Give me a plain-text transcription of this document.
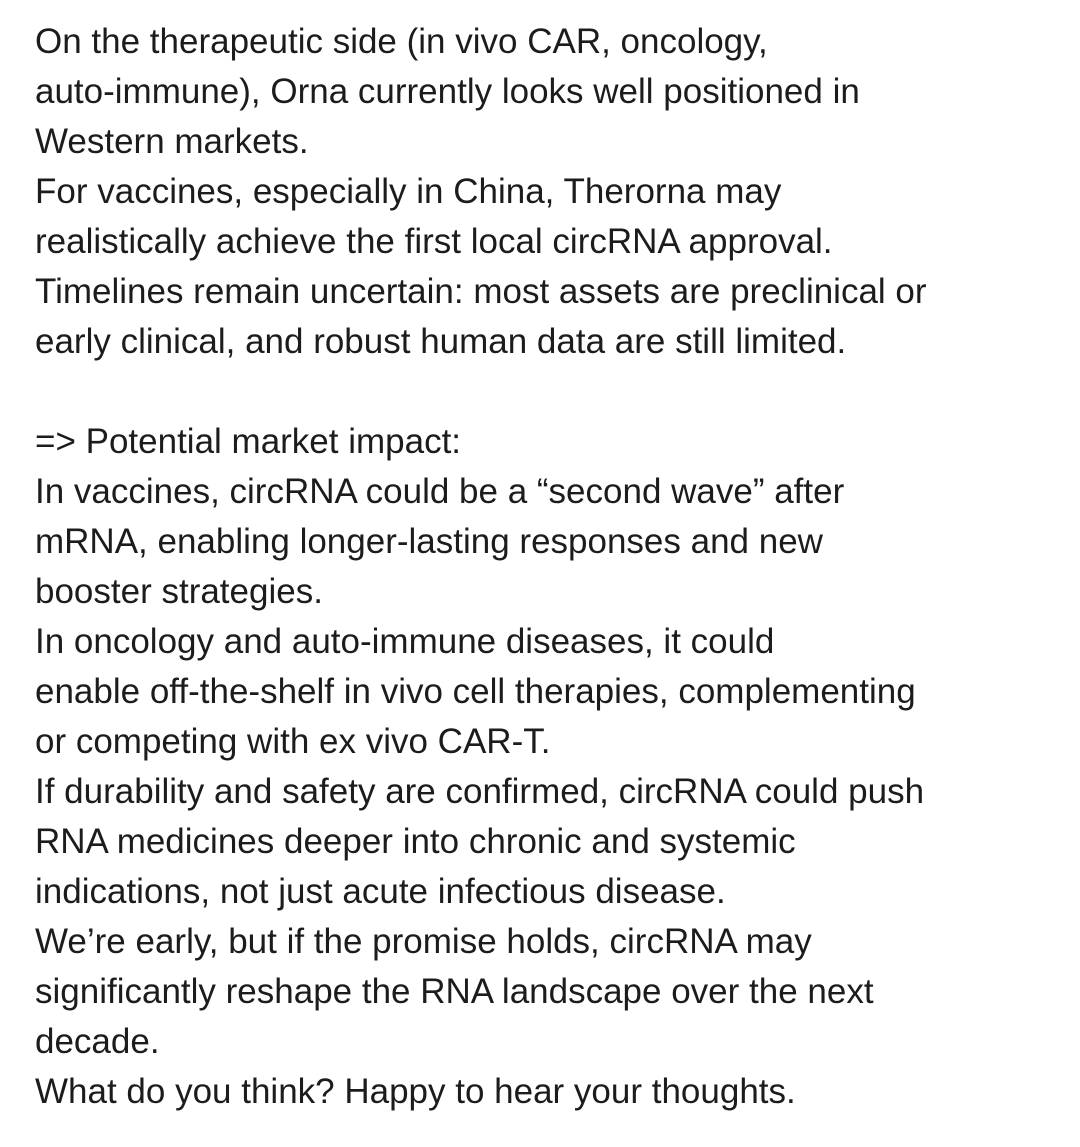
On the therapeutic side (in vivo CAR, oncology,
auto-immune), Orna currently looks well positioned in
Western markets.
For vaccines, especially in China, Therorna may
realistically achieve the first local circRNA approval.
Timelines remain uncertain: most assets are preclinical or
early clinical, and robust human data are still limited.
=> Potential market impact:
In vaccines, circRNA could be a “second wave” after
mRNA, enabling longer-lasting responses and new
booster strategies.
In oncology and auto-immune diseases, it could
enable off-the-shelf in vivo cell therapies, complementing
or competing with ex vivo CAR-T.
If durability and safety are confirmed, circRNA could push
RNA medicines deeper into chronic and systemic
indications, not just acute infectious disease.
We’re early, but if the promise holds, circRNA may
significantly reshape the RNA landscape over the next
decade.
What do you think? Happy to hear your thoughts.
